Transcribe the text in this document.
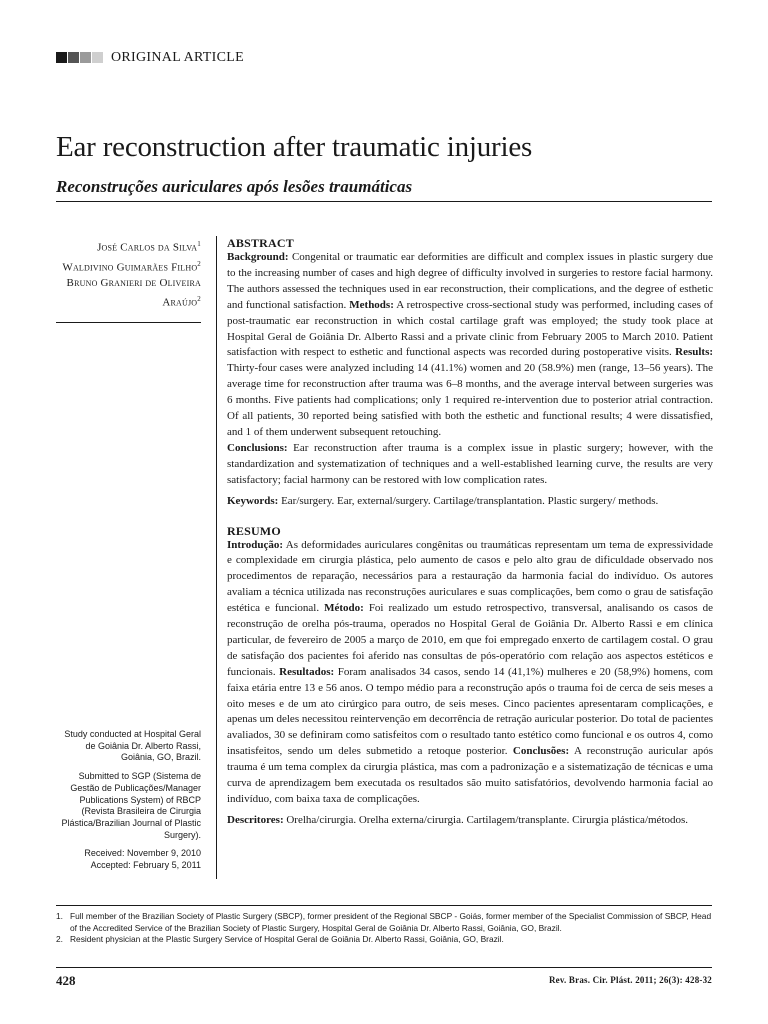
ORIGINAL ARTICLE
Ear reconstruction after traumatic injuries
Reconstruções auriculares após lesões traumáticas
José Carlos da Silva$^1$
Waldivino Guimarães Filho$^2$
Bruno Granieri de Oliveira Araújo$^2$

Study conducted at Hospital Geral de Goiânia Dr. Alberto Rassi, Goiânia, GO, Brazil.

Submitted to SGP (Sistema de Gestão de Publicações/Manager Publications System) of RBCP (Revista Brasileira de Cirurgia Plástica/Brazilian Journal of Plastic Surgery).

Received: November 9, 2010

Accepted: February 5, 2011

ABSTRACT

Background: Congenital or traumatic ear deformities are difficult and complex issues in plastic surgery due to the increasing number of cases and high degree of difficulty involved in surgeries to restore facial harmony. The authors assessed the techniques used in ear reconstruction, their complications, and the degree of esthetic and functional satisfaction. Methods: A retrospective cross-sectional study was performed, including cases of post-traumatic ear reconstruction in which costal cartilage graft was employed; the study took place at Hospital Geral de Goiânia Dr. Alberto Rassi and a private clinic from February 2005 to March 2010. Patient satisfaction with respect to esthetic and functional aspects was recorded during postoperative visits. Results: Thirty-four cases were analyzed including 14 (41.1%) women and 20 (58.9%) men (range, 13–56 years). The average time for reconstruction after trauma was 6–8 months, and the average interval between surgeries was 6 months. Five patients had complications; only 1 required re-intervention due to posterior atrial contraction. Of all patients, 30 reported being satisfied with both the esthetic and functional results; 4 were dissatisfied, and 1 of them underwent subsequent retouching.
Conclusions: Ear reconstruction after trauma is a complex issue in plastic surgery; however, with the standardization and systematization of techniques and a well-established learning curve, the results are very satisfactory; facial harmony can be restored with low complication rates.

Keywords: Ear/surgery. Ear, external/surgery. Cartilage/transplantation. Plastic surgery/ methods.

RESUMO

Introdução: As deformidades auriculares congênitas ou traumáticas representam um tema de expressividade e complexidade em cirurgia plástica, pelo aumento de casos e pelo alto grau de dificuldade observado nos procedimentos de reparação, necessários para a restauração da harmonia facial do indivíduo. Os autores avaliam a técnica utilizada nas reconstruções auriculares e suas complicações, bem como o grau de satisfação estética e funcional. Método: Foi realizado um estudo retrospectivo, transversal, analisando os casos de reconstrução de orelha pós-trauma, operados no Hospital Geral de Goiânia Dr. Alberto Rassi e em clínica particular, de fevereiro de 2005 a março de 2010, em que foi empregado enxerto de cartilagem costal. O grau de satisfação dos pacientes foi aferido nas consultas de pós-operatório com relação aos aspectos estéticos e funcionais. Resultados: Foram analisados 34 casos, sendo 14 (41,1%) mulheres e 20 (58,9%) homens, com faixa etária entre 13 e 56 anos. O tempo médio para a reconstrução após o trauma foi de cerca de seis meses a oito meses e de um ato cirúrgico para outro, de seis meses. Cinco pacientes apresentaram complicações, e apenas um deles necessitou reintervenção em decorrência de retração auricular posterior. Do total de pacientes avaliados, 30 se definiram como satisfeitos com o resultado tanto estético como funcional e os outros 4, como insatisfeitos, sendo um deles submetido a retoque posterior. Conclusões: A reconstrução auricular após trauma é um tema complex da cirurgia plástica, mas com a padronização e a sistematização de técnicas e uma curva de aprendizagem bem executada os resultados são muito satisfatórios, devolvendo harmonia facial ao indivíduo, com baixa taxa de complicações.

Descritores: Orelha/cirurgia. Orelha externa/cirurgia. Cartilagem/transplante. Cirurgia plástica/métodos.

1. Full member of the Brazilian Society of Plastic Surgery (SBCP), former president of the Regional SBCP - Goiás, former member of the Specialist Commission of SBCP, Head of the Accredited Service of the Brazilian Society of Plastic Surgery, Hospital Geral de Goiânia Dr. Alberto Rassi, Goiânia, GO, Brazil.
2. Resident physician at the Plastic Surgery Service of Hospital Geral de Goiânia Dr. Alberto Rassi, Goiânia, GO, Brazil.
428	Rev. Bras. Cir. Plást. 2011; 26(3): 428-32
